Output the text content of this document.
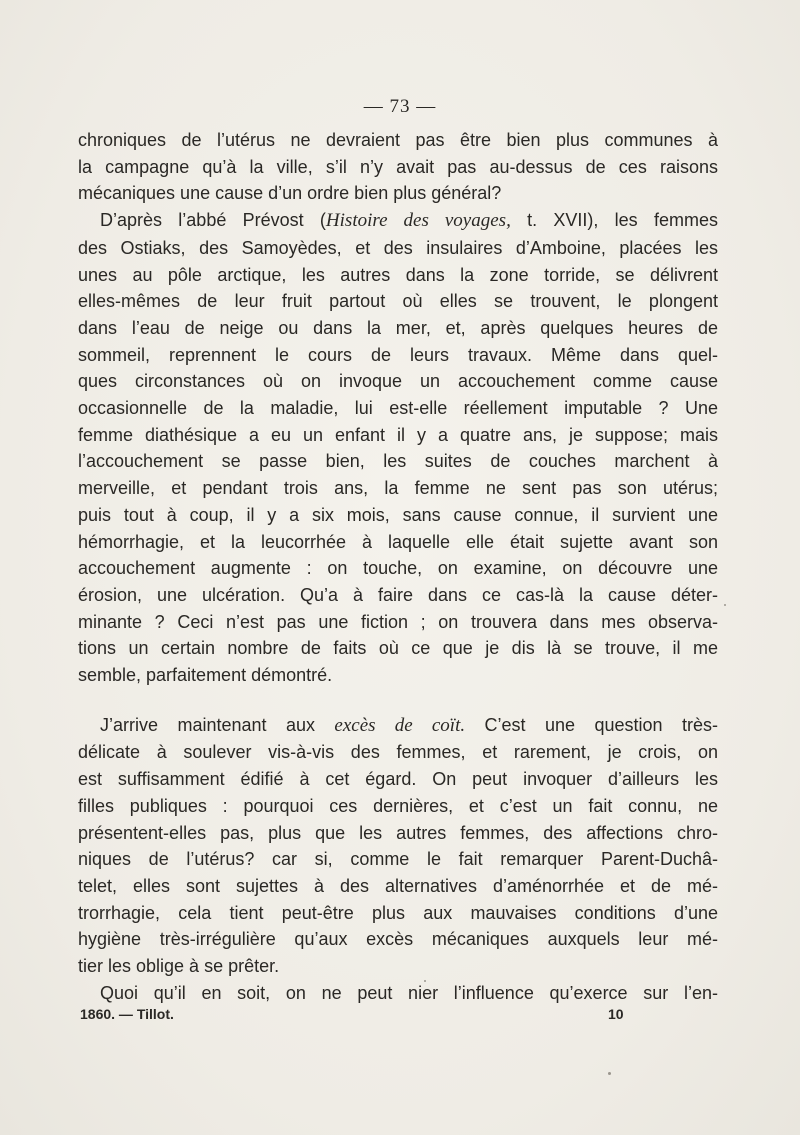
— 73 —

chroniques de l’utérus ne devraient pas être bien plus communes à
la campagne qu’à la ville, s’il n’y avait pas au-dessus de ces raisons
mécaniques une cause d’un ordre bien plus général?

D’après l’abbé Prévost (Histoire des voyages, t. XVII), les femmes
des Ostiaks, des Samoyèdes, et des insulaires d’Amboine, placées les
unes au pôle arctique, les autres dans la zone torride, se délivrent
elles-mêmes de leur fruit partout où elles se trouvent, le plongent
dans l’eau de neige ou dans la mer, et, après quelques heures de
sommeil, reprennent le cours de leurs travaux. Même dans quel-
ques circonstances où on invoque un accouchement comme cause
occasionnelle de la maladie, lui est-elle réellement imputable ? Une
femme diathésique a eu un enfant il y a quatre ans, je suppose; mais
l’accouchement se passe bien, les suites de couches marchent à
merveille, et pendant trois ans, la femme ne sent pas son utérus;
puis tout à coup, il y a six mois, sans cause connue, il survient une
hémorrhagie, et la leucorrhée à laquelle elle était sujette avant son
accouchement augmente : on touche, on examine, on découvre une
érosion, une ulcération. Qu’a à faire dans ce cas-là la cause déter-
minante ? Ceci n’est pas une fiction ; on trouvera dans mes observa-
tions un certain nombre de faits où ce que je dis là se trouve, il me
semble, parfaitement démontré.

J’arrive maintenant aux excès de coït. C’est une question très-
délicate à soulever vis-à-vis des femmes, et rarement, je crois, on
est suffisamment édifié à cet égard. On peut invoquer d’ailleurs les
filles publiques : pourquoi ces dernières, et c’est un fait connu, ne
présentent-elles pas, plus que les autres femmes, des affections chro-
niques de l’utérus? car si, comme le fait remarquer Parent-Duchâ-
telet, elles sont sujettes à des alternatives d’aménorrhée et de mé-
trorrhagie, cela tient peut-être plus aux mauvaises conditions d’une
hygiène très-irrégulière qu’aux excès mécaniques auxquels leur mé-
tier les oblige à se prêter.

Quoi qu’il en soit, on ne peut nier l’influence qu’exerce sur l’en-

1860. — Tillot.	10
